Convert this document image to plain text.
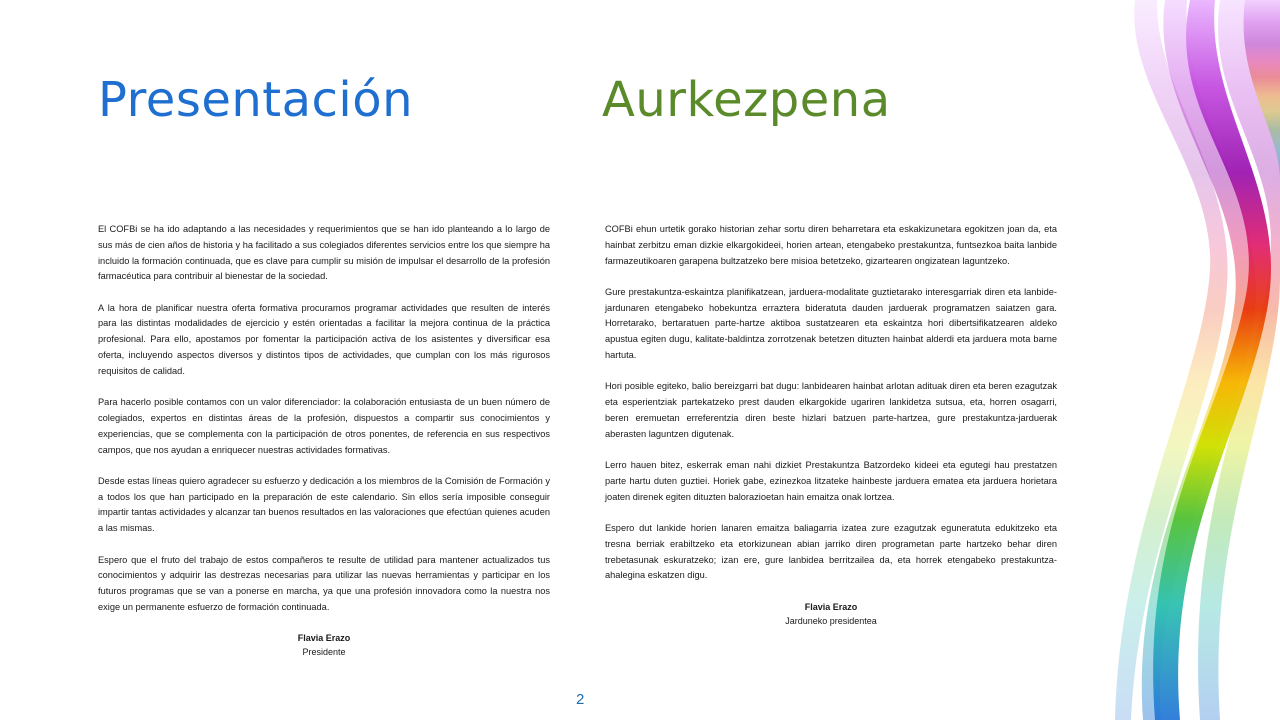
Presentación	Aurkezpena

El COFBi se ha ido adaptando a las necesidades y requerimientos que se han ido planteando a lo largo de sus más de cien años de historia y ha facilitado a sus colegiados diferentes servicios entre los que siempre ha incluido la formación continuada, que es clave para cumplir su misión de impulsar el desarrollo de la profesión farmacéutica para contribuir al bienestar de la sociedad.

A la hora de planificar nuestra oferta formativa procuramos programar actividades que resulten de interés para las distintas modalidades de ejercicio y estén orientadas a facilitar la mejora continua de la práctica profesional. Para ello, apostamos por fomentar la participación activa de los asistentes y diversificar esa oferta, incluyendo aspectos diversos y distintos tipos de actividades, que cumplan con los más rigurosos requisitos de calidad.

Para hacerlo posible contamos con un valor diferenciador: la colaboración entusiasta de un buen número de colegiados, expertos en distintas áreas de la profesión, dispuestos a compartir sus conocimientos y experiencias, que se complementa con la participación de otros ponentes, de referencia en sus respectivos campos, que nos ayudan a enriquecer nuestras actividades formativas.

Desde estas líneas quiero agradecer su esfuerzo y dedicación a los miembros de la Comisión de Formación y a todos los que han participado en la preparación de este calendario. Sin ellos sería imposible conseguir impartir tantas actividades y alcanzar tan buenos resultados en las valoraciones que efectúan quienes acuden a las mismas.

Espero que el fruto del trabajo de estos compañeros te resulte de utilidad para mantener actualizados tus conocimientos y adquirir las destrezas necesarias para utilizar las nuevas herramientas y participar en los futuros programas que se van a ponerse en marcha, ya que una profesión innovadora como la nuestra nos exige un permanente esfuerzo de formación continuada.

Flavia Erazo
Presidente

COFBi ehun urtetik gorako historian zehar sortu diren beharretara eta eskakizunetara egokitzen joan da, eta hainbat zerbitzu eman dizkie elkargokideei, horien artean, etengabeko prestakuntza, funtsezkoa baita lanbide farmazeutikoaren garapena bultzatzeko bere misioa betetzeko, gizartearen ongizatean laguntzeko.

Gure prestakuntza-eskaintza planifikatzean, jarduera-modalitate guztietarako interesgarriak diren eta lanbide-jardunaren etengabeko hobekuntza erraztera bideratuta dauden jarduerak programatzen saiatzen gara. Horretarako, bertaratuen parte-hartze aktiboa sustatzearen eta eskaintza hori dibertsifikatzearen aldeko apustua egiten dugu, kalitate-baldintza zorrotzenak betetzen dituzten hainbat alderdi eta jarduera mota barne hartuta.

Hori posible egiteko, balio bereizgarri bat dugu: lanbidearen hainbat arlotan adituak diren eta beren ezagutzak eta esperientziak partekatzeko prest dauden elkargokide ugariren lankidetza sutsua, eta, horren osagarri, beren eremuetan erreferentzia diren beste hizlari batzuen parte-hartzea, gure prestakuntza-jarduerak aberasten laguntzen digutenak.

Lerro hauen bitez, eskerrak eman nahi dizkiet Prestakuntza Batzordeko kideei eta egutegi hau prestatzen parte hartu duten guztiei. Horiek gabe, ezinezkoa litzateke hainbeste jarduera ematea eta jarduera horietara joaten direnek egiten dituzten balorazioetan hain emaitza onak lortzea.

Espero dut lankide horien lanaren emaitza baliagarria izatea zure ezagutzak eguneratuta edukitzeko eta tresna berriak erabiltzeko eta etorkizunean abian jarriko diren programetan parte hartzeko behar diren trebetasunak eskuratzeko; izan ere, gure lanbidea berritzailea da, eta horrek etengabeko prestakuntza-ahalegina eskatzen digu.

Flavia Erazo
Jarduneko presidentea
2
